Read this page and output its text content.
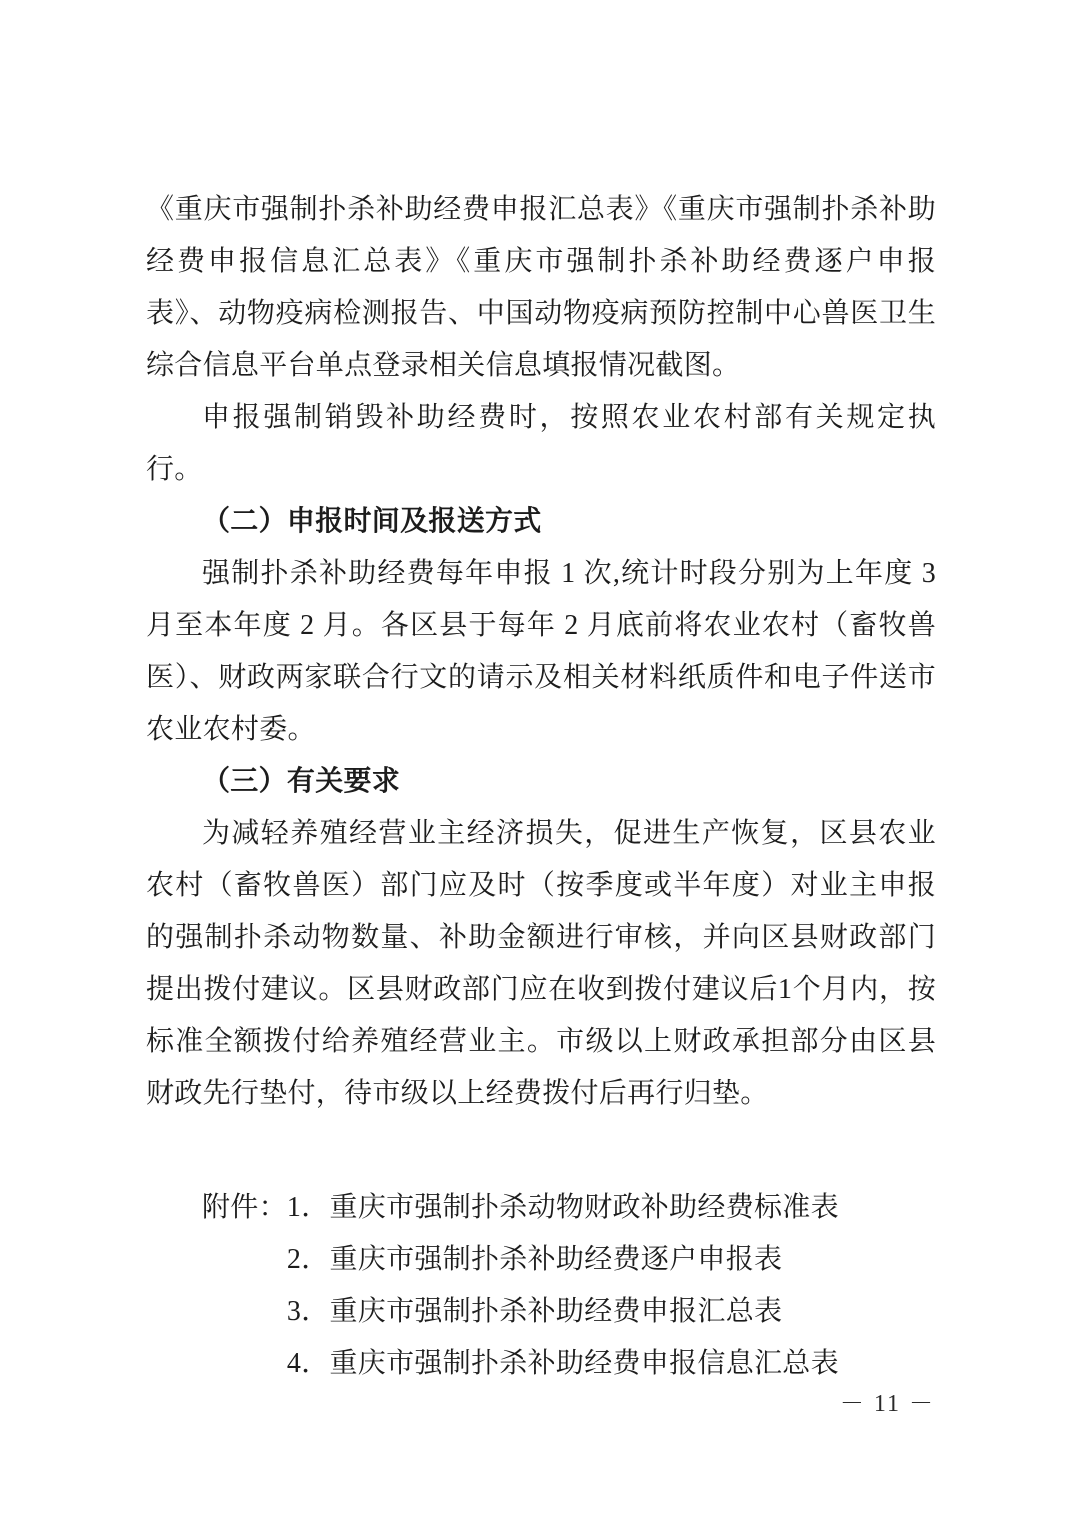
《重庆市强制扑杀补助经费申报汇总表》《重庆市强制扑杀补助经费申报信息汇总表》《重庆市强制扑杀补助经费逐户申报表》、动物疫病检测报告、中国动物疫病预防控制中心兽医卫生综合信息平台单点登录相关信息填报情况截图。

申报强制销毁补助经费时，按照农业农村部有关规定执行。

（二）申报时间及报送方式

强制扑杀补助经费每年申报 1 次,统计时段分别为上年度 3 月至本年度 2 月。各区县于每年 2 月底前将农业农村（畜牧兽医）、财政两家联合行文的请示及相关材料纸质件和电子件送市农业农村委。

（三）有关要求

为减轻养殖经营业主经济损失，促进生产恢复，区县农业农村（畜牧兽医）部门应及时（按季度或半年度）对业主申报的强制扑杀动物数量、补助金额进行审核，并向区县财政部门提出拨付建议。区县财政部门应在收到拨付建议后1个月内，按标准全额拨付给养殖经营业主。市级以上财政承担部分由区县财政先行垫付，待市级以上经费拨付后再行归垫。

附件： 1．重庆市强制扑杀动物财政补助经费标准表
2．重庆市强制扑杀补助经费逐户申报表
3．重庆市强制扑杀补助经费申报汇总表
4．重庆市强制扑杀补助经费申报信息汇总表
－ 11 －
